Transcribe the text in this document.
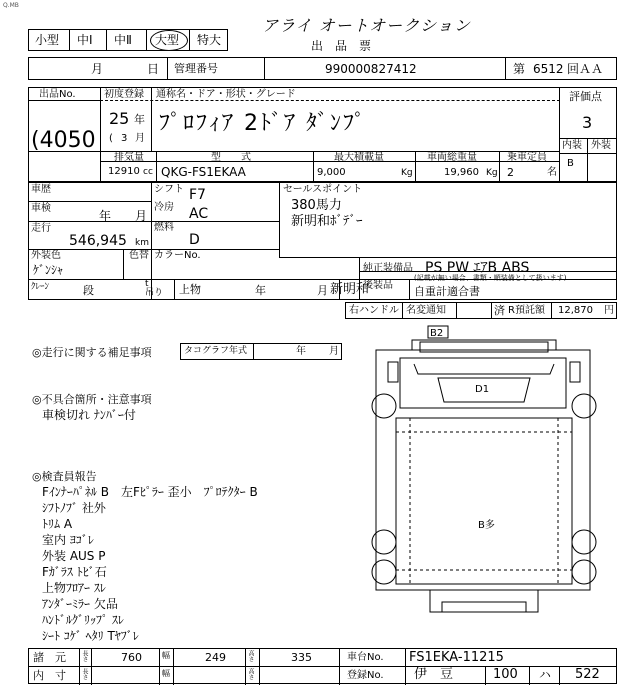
Q.MB
小型 中Ⅰ 中Ⅱ 大型 特大
アライ オートオークション
出　品　票
月	日 管理番号	990000827412	第 6512 回ＡＡ
出品No.
(4050
初度登録
25 年
( 3 月
通称名・ドア・形状・グレード
ﾌﾟﾛﾌｨｱ 2ﾄﾞｱ ﾀﾞﾝﾌﾟ
評価点
3
内装 外装
B
排気量
12910 cc
型　　式
QKG-FS1EKAA
最大積載量
9,000	Kg
車両総重量
19,960 Kg
乗車定員
2	名
車歴	シフト F7
車検
年 月
冷房 AC
走行
546,945 km
燃料
D
外装色
ｹﾞﾝｼｬ
色替 カラーNo.
セールスポイント
380馬力
新明和ﾎﾞﾃﾞｰ
純正装備品 PS PW ｴｱB ABS
後装品
(記載が無い場合、書類・順装備として扱います)
自重計適合書
ｸﾚｰﾝ	段	t
吊り 上物	年	月 新明和
右ハンドル 名変通知	済 R預託額 12,870 円
◎走行に関する補足事項	タコグラフ年式	年 月
◎不具合箇所・注意事項
車検切れ ﾅﾝﾊﾞｰ付
◎検査員報告
Fｲﾝﾅｰﾊﾟﾈﾙ B　左Fﾋﾟﾗｰ 歪小　ﾌﾟﾛﾃｸﾀｰ B
ｼﾌﾄﾉﾌﾞ 社外
ﾄﾘﾑ A
室内 ﾖｺﾞﾚ
外装 AUS P
Fｶﾞﾗｽ ﾄﾋﾞ石
上物ﾌﾛｱｰ ｽﾚ
ｱﾝﾀﾞｰﾐﾗｰ 欠品
ﾊﾝﾄﾞﾙｸﾞﾘｯﾌﾟ ｽﾚ
ｼｰﾄ ｺｹﾞ ﾍﾀﾘ Tﾔﾌﾞﾚ
B2
D1
B多
諸　元	長さ	760	幅	249	高さ	335	車台No. FS1EKA-11215
内　寸	長さ	幅	高さ	登録No. 伊　豆	100 ハ 522
